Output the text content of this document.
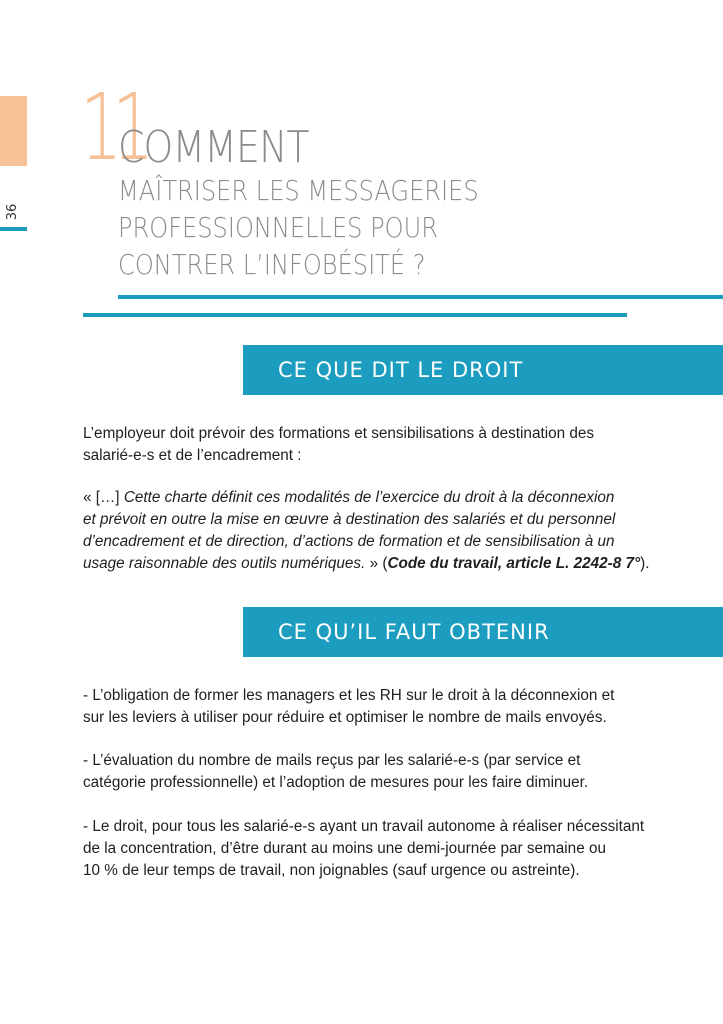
36
11
COMMENT
MAÎTRISER LES MESSAGERIES
PROFESSIONNELLES POUR
CONTRER L’INFOBÉSITÉ ?
CE QUE DIT LE DROIT
L’employeur doit prévoir des formations et sensibilisations à destination des
salarié-e-s et de l’encadrement :
« […] Cette charte définit ces modalités de l’exercice du droit à la déconnexion
et prévoit en outre la mise en œuvre à destination des salariés et du personnel
d’encadrement et de direction, d’actions de formation et de sensibilisation à un
usage raisonnable des outils numériques. » (Code du travail, article L. 2242-8 7°).
CE QU’IL FAUT OBTENIR
- L’obligation de former les managers et les RH sur le droit à la déconnexion et
sur les leviers à utiliser pour réduire et optimiser le nombre de mails envoyés.
- L’évaluation du nombre de mails reçus par les salarié-e-s (par service et
catégorie professionnelle) et l’adoption de mesures pour les faire diminuer.
- Le droit, pour tous les salarié-e-s ayant un travail autonome à réaliser nécessitant
de la concentration, d’être durant au moins une demi-journée par semaine ou
10 % de leur temps de travail, non joignables (sauf urgence ou astreinte).
